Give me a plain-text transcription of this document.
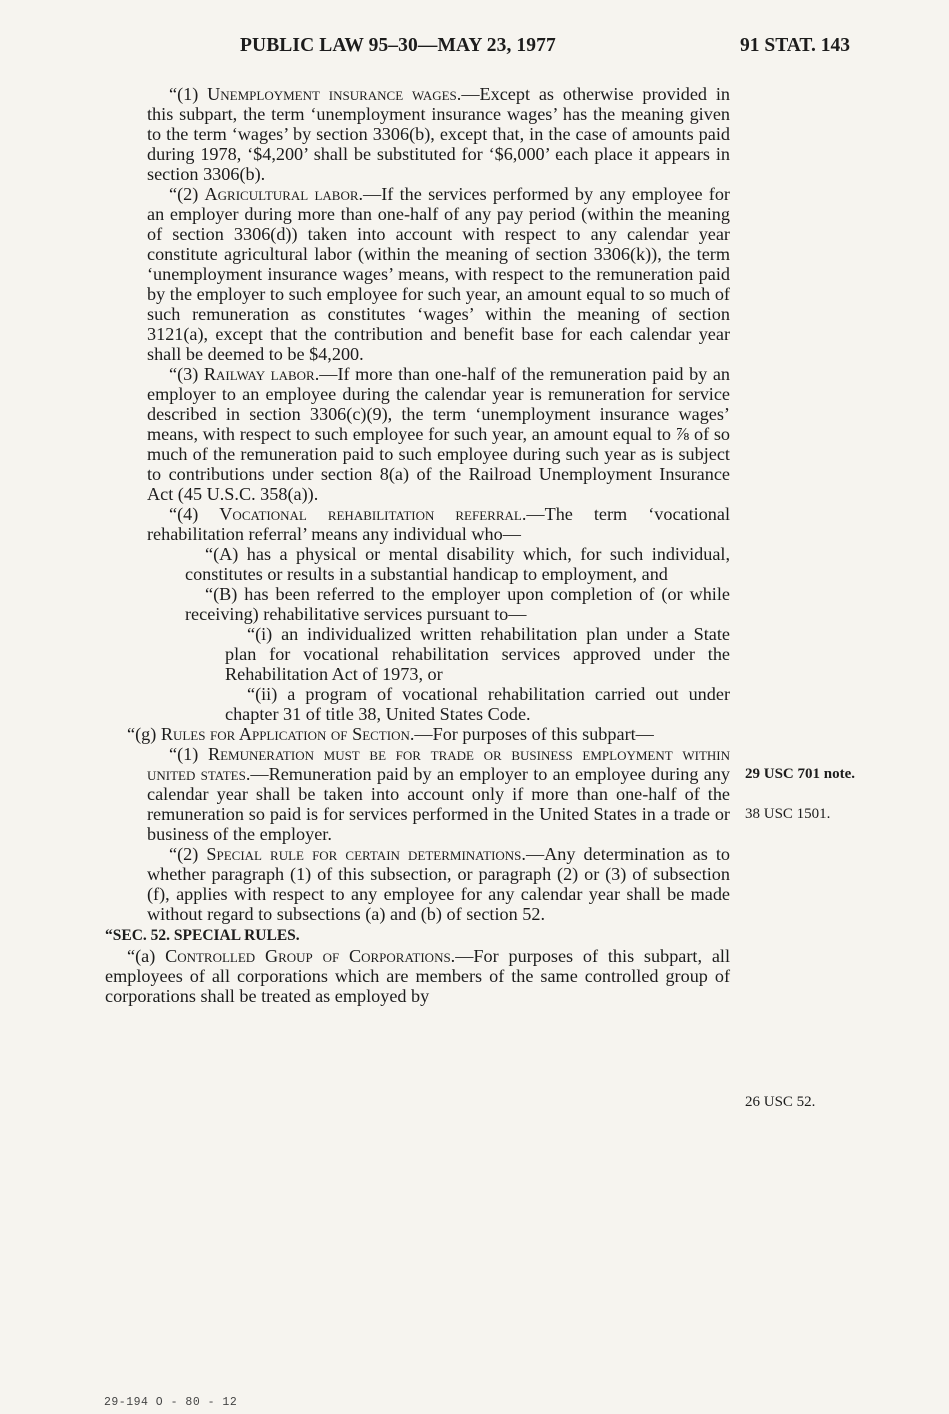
PUBLIC LAW 95–30—MAY 23, 1977	91 STAT. 143

“(1) Unemployment insurance wages.—Except as otherwise provided in this subpart, the term ‘unemployment insurance wages’ has the meaning given to the term ‘wages’ by section 3306(b), except that, in the case of amounts paid during 1978, ‘$4,200’ shall be substituted for ‘$6,000’ each place it appears in section 3306(b).

“(2) Agricultural labor.—If the services performed by any employee for an employer during more than one-half of any pay period (within the meaning of section 3306(d)) taken into account with respect to any calendar year constitute agricultural labor (within the meaning of section 3306(k)), the term ‘unemployment insurance wages’ means, with respect to the remuneration paid by the employer to such employee for such year, an amount equal to so much of such remuneration as constitutes ‘wages’ within the meaning of section 3121(a), except that the contribution and benefit base for each calendar year shall be deemed to be $4,200.

“(3) Railway labor.—If more than one-half of the remuneration paid by an employer to an employee during the calendar year is remuneration for service described in section 3306(c)(9), the term ‘unemployment insurance wages’ means, with respect to such employee for such year, an amount equal to ⅞ of so much of the remuneration paid to such employee during such year as is subject to contributions under section 8(a) of the Railroad Unemployment Insurance Act (45 U.S.C. 358(a)).

“(4) Vocational rehabilitation referral.—The term ‘vocational rehabilitation referral’ means any individual who—

“(A) has a physical or mental disability which, for such individual, constitutes or results in a substantial handicap to employment, and

“(B) has been referred to the employer upon completion of (or while receiving) rehabilitative services pursuant to—

“(i) an individualized written rehabilitation plan under a State plan for vocational rehabilitation services approved under the Rehabilitation Act of 1973, or

“(ii) a program of vocational rehabilitation carried out under chapter 31 of title 38, United States Code.

“(g) Rules for Application of Section.—For purposes of this subpart—

“(1) Remuneration must be for trade or business employment within united states.—Remuneration paid by an employer to an employee during any calendar year shall be taken into account only if more than one-half of the remuneration so paid is for services performed in the United States in a trade or business of the employer.

“(2) Special rule for certain determinations.—Any determination as to whether paragraph (1) of this subsection, or paragraph (2) or (3) of subsection (f), applies with respect to any employee for any calendar year shall be made without regard to subsections (a) and (b) of section 52.

“SEC. 52. SPECIAL RULES.

“(a) Controlled Group of Corporations.—For purposes of this subpart, all employees of all corporations which are members of the same controlled group of corporations shall be treated as employed by

29 USC 701 note.
38 USC 1501.
26 USC 52.
29-194 O - 80 - 12
